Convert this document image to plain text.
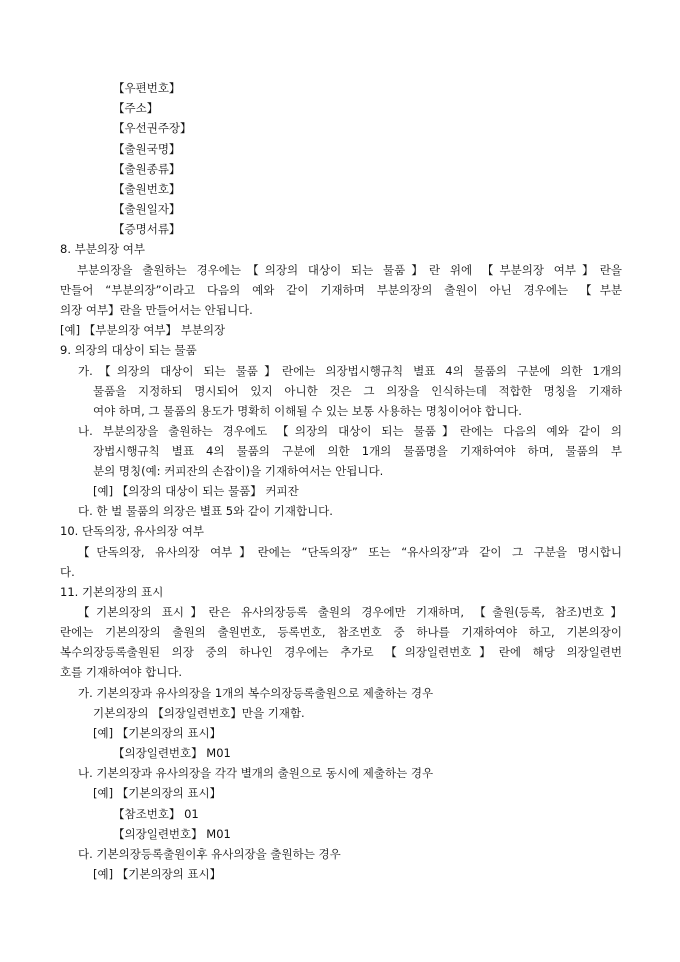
【우편번호】
【주소】
【우선권주장】
【출원국명】
【출원종류】
【출원번호】
【출원일자】
【증명서류】
8. 부분의장 여부
부분의장을 출원하는 경우에는【의장의 대상이 되는 물품】란 위에 【부분의장 여부】란을
만들어 “부분의장”이라고 다음의 예와 같이 기재하며 부분의장의 출원이 아닌 경우에는 【부분
의장 여부】란을 만들어서는 안됩니다.
[예] 【부분의장 여부】 부분의장
9. 의장의 대상이 되는 물품
가.【의장의 대상이 되는 물품】란에는 의장법시행규칙 별표 4의 물품의 구분에 의한 1개의
물품을 지정하되 명시되어 있지 아니한 것은 그 의장을 인식하는데 적합한 명칭을 기재하
여야 하며, 그 물품의 용도가 명확히 이해될 수 있는 보통 사용하는 명칭이어야 합니다.
나. 부분의장을 출원하는 경우에도 【의장의 대상이 되는 물품】란에는 다음의 예와 같이 의
장법시행규칙 별표 4의 물품의 구분에 의한 1개의 물품명을 기재하여야 하며, 물품의 부
분의 명칭(예: 커피잔의 손잡이)을 기재하여서는 안됩니다.
[예] 【의장의 대상이 되는 물품】 커피잔
다. 한 벌 물품의 의장은 별표 5와 같이 기재합니다.
10. 단독의장, 유사의장 여부
【단독의장, 유사의장 여부】란에는 “단독의장” 또는 “유사의장”과 같이 그 구분을 명시합니
다.
11. 기본의장의 표시
【기본의장의 표시】란은 유사의장등록 출원의 경우에만 기재하며, 【출원(등록, 참조)번호】
란에는 기본의장의 출원의 출원번호, 등록번호, 참조번호 중 하나를 기재하여야 하고, 기본의장이
복수의장등록출원된 의장 중의 하나인 경우에는 추가로 【의장일련번호】란에 해당 의장일련번
호를 기재하여야 합니다.
가. 기본의장과 유사의장을 1개의 복수의장등록출원으로 제출하는 경우
기본의장의 【의장일련번호】만을 기재함.
[예] 【기본의장의 표시】
【의장일련번호】 M01
나. 기본의장과 유사의장을 각각 별개의 출원으로 동시에 제출하는 경우
[예] 【기본의장의 표시】
【참조번호】 01
【의장일련번호】 M01
다. 기본의장등록출원이후 유사의장을 출원하는 경우
[예] 【기본의장의 표시】
